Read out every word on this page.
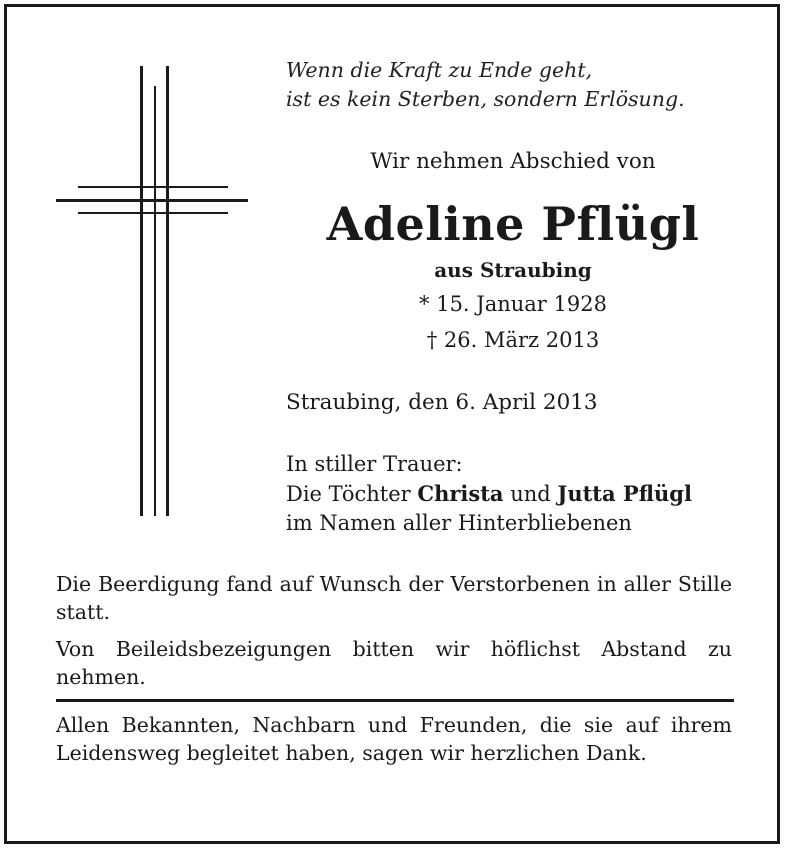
Wenn die Kraft zu Ende geht,
ist es kein Sterben, sondern Erlösung.
Wir nehmen Abschied von
Adeline Pflügl
aus Straubing
* 15. Januar 1928
† 26. März 2013
Straubing, den 6. April 2013
In stiller Trauer:
Die Töchter Christa und Jutta Pflügl
im Namen aller Hinterbliebenen
Die Beerdigung fand auf Wunsch der Verstorbenen in aller Stille statt.
Von Beileidsbezeigungen bitten wir höflichst Abstand zu nehmen.
Allen Bekannten, Nachbarn und Freunden, die sie auf ihrem Leidensweg begleitet haben, sagen wir herzlichen Dank.
